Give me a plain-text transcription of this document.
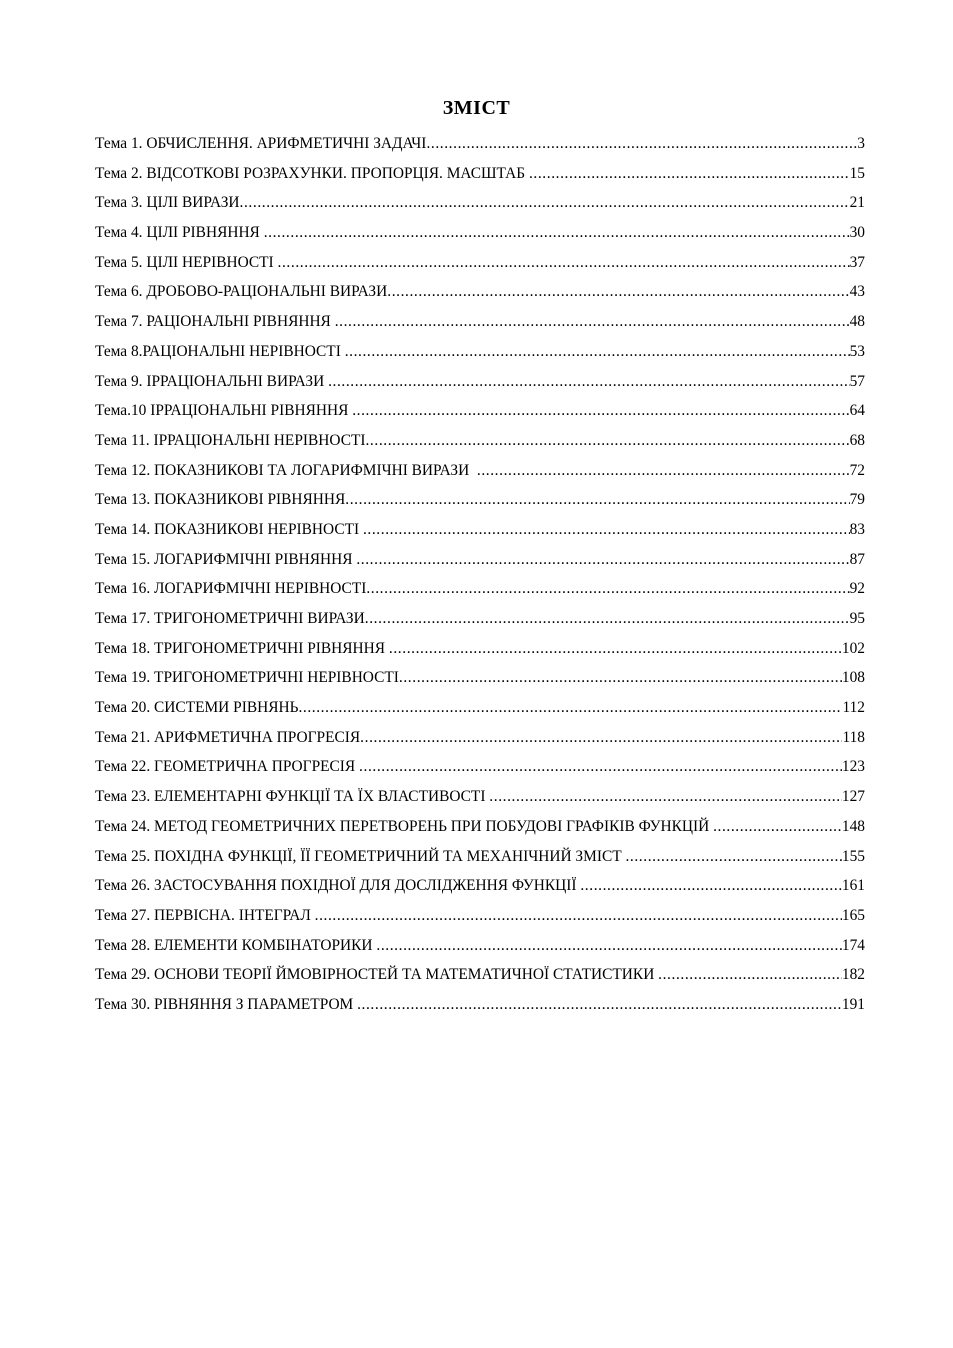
ЗМІСТ
Тема 1. ОБЧИСЛЕННЯ. АРИФМЕТИЧНІ ЗАДАЧІ .....	3
Тема 2. ВІДСОТКОВІ РОЗРАХУНКИ. ПРОПОРЦІЯ. МАСШТАБ .....	15
Тема 3. ЦІЛІ ВИРАЗИ .....	21
Тема 4. ЦІЛІ РІВНЯННЯ .....	30
Тема 5. ЦІЛІ НЕРІВНОСТІ .....	37
Тема 6. ДРОБОВО-РАЦІОНАЛЬНІ ВИРАЗИ .....	43
Тема 7. РАЦІОНАЛЬНІ РІВНЯННЯ .....	48
Тема 8.РАЦІОНАЛЬНІ НЕРІВНОСТІ .....	53
Тема 9. ІРРАЦІОНАЛЬНІ ВИРАЗИ .....	57
Тема.10 ІРРАЦІОНАЛЬНІ РІВНЯННЯ .....	64
Тема 11. ІРРАЦІОНАЛЬНІ НЕРІВНОСТІ .....	68
Тема 12. ПОКАЗНИКОВІ ТА ЛОГАРИФМІЧНІ ВИРАЗИ .....	72
Тема 13. ПОКАЗНИКОВІ РІВНЯННЯ .....	79
Тема 14. ПОКАЗНИКОВІ НЕРІВНОСТІ .....	83
Тема 15. ЛОГАРИФМІЧНІ РІВНЯННЯ .....	87
Тема 16. ЛОГАРИФМІЧНІ НЕРІВНОСТІ .....	92
Тема 17. ТРИГОНОМЕТРИЧНІ ВИРАЗИ .....	95
Тема 18. ТРИГОНОМЕТРИЧНІ РІВНЯННЯ .....	102
Тема 19. ТРИГОНОМЕТРИЧНІ НЕРІВНОСТІ .....	108
Тема 20. СИСТЕМИ РІВНЯНЬ .....	112
Тема 21. АРИФМЕТИЧНА ПРОГРЕСІЯ .....	118
Тема 22. ГЕОМЕТРИЧНА ПРОГРЕСІЯ .....	123
Тема 23. ЕЛЕМЕНТАРНІ ФУНКЦІЇ ТА ЇХ ВЛАСТИВОСТІ .....	127
Тема 24. МЕТОД ГЕОМЕТРИЧНИХ ПЕРЕТВОРЕНЬ ПРИ ПОБУДОВІ ГРАФІКІВ ФУНКЦІЙ .....	148
Тема 25. ПОХІДНА ФУНКЦІЇ, ЇЇ ГЕОМЕТРИЧНИЙ ТА МЕХАНІЧНИЙ ЗМІСТ .....	155
Тема 26. ЗАСТОСУВАННЯ ПОХІДНОЇ ДЛЯ ДОСЛІДЖЕННЯ ФУНКЦІЇ .....	161
Тема 27. ПЕРВІСНА. ІНТЕГРАЛ .....	165
Тема 28. ЕЛЕМЕНТИ КОМБІНАТОРИКИ .....	174
Тема 29. ОСНОВИ ТЕОРІЇ ЙМОВІРНОСТЕЙ ТА МАТЕМАТИЧНОЇ СТАТИСТИКИ .....	182
Тема 30. РІВНЯННЯ З ПАРАМЕТРОМ .....	191
